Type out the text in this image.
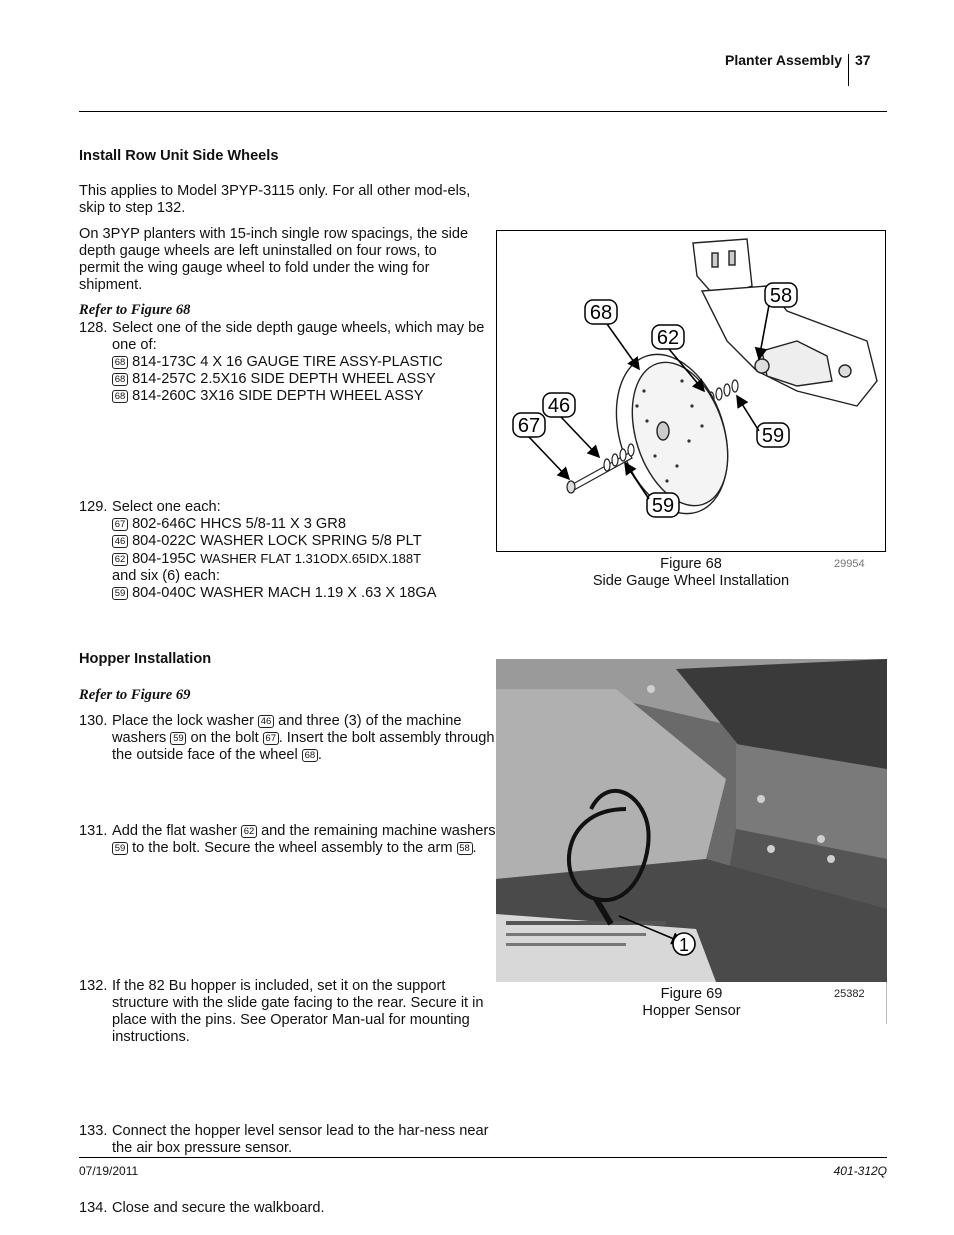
Planter Assembly 37
Install Row Unit Side Wheels

This applies to Model 3PYP-3115 only. For all other mod-els, skip to step 132.

On 3PYP planters with 15-inch single row spacings, the side depth gauge wheels are left uninstalled on four rows, to permit the wing gauge wheel to fold under the wing for shipment.

Refer to Figure 68
128. Select one of the side depth gauge wheels, which may be one of:
68 814-173C 4 X 16 GAUGE TIRE ASSY-PLASTIC
68 814-257C 2.5X16 SIDE DEPTH WHEEL ASSY
68 814-260C 3X16 SIDE DEPTH WHEEL ASSY
129. Select one each:
67 802-646C HHCS 5/8-11 X 3 GR8
46 804-022C WASHER LOCK SPRING 5/8 PLT
62 804-195C WASHER FLAT 1.31ODX.65IDX.188T
and six (6) each:
59 804-040C WASHER MACH 1.19 X .63 X 18GA
130. Place the lock washer 46 and three (3) of the machine washers 59 on the bolt 67 . Insert the bolt assembly through the outside face of the wheel 68 .
131. Add the flat washer 62 and the remaining machine washers 59 to the bolt. Secure the wheel assembly to the arm 58 .
Hopper Installation
Refer to Figure 69
132. If the 82 Bu hopper is included, set it on the support structure with the slide gate facing to the rear. Secure it in place with the pins. See Operator Man-ual for mounting instructions.
133. Connect the hopper level sensor lead to the har-ness near the air box pressure sensor.
134. Close and secure the walkboard.
68
62
58
46
67	59
59
Figure 68
Side Gauge Wheel Installation
29954
1
Figure 69
Hopper Sensor
25382
07/19/2011	401-312Q
